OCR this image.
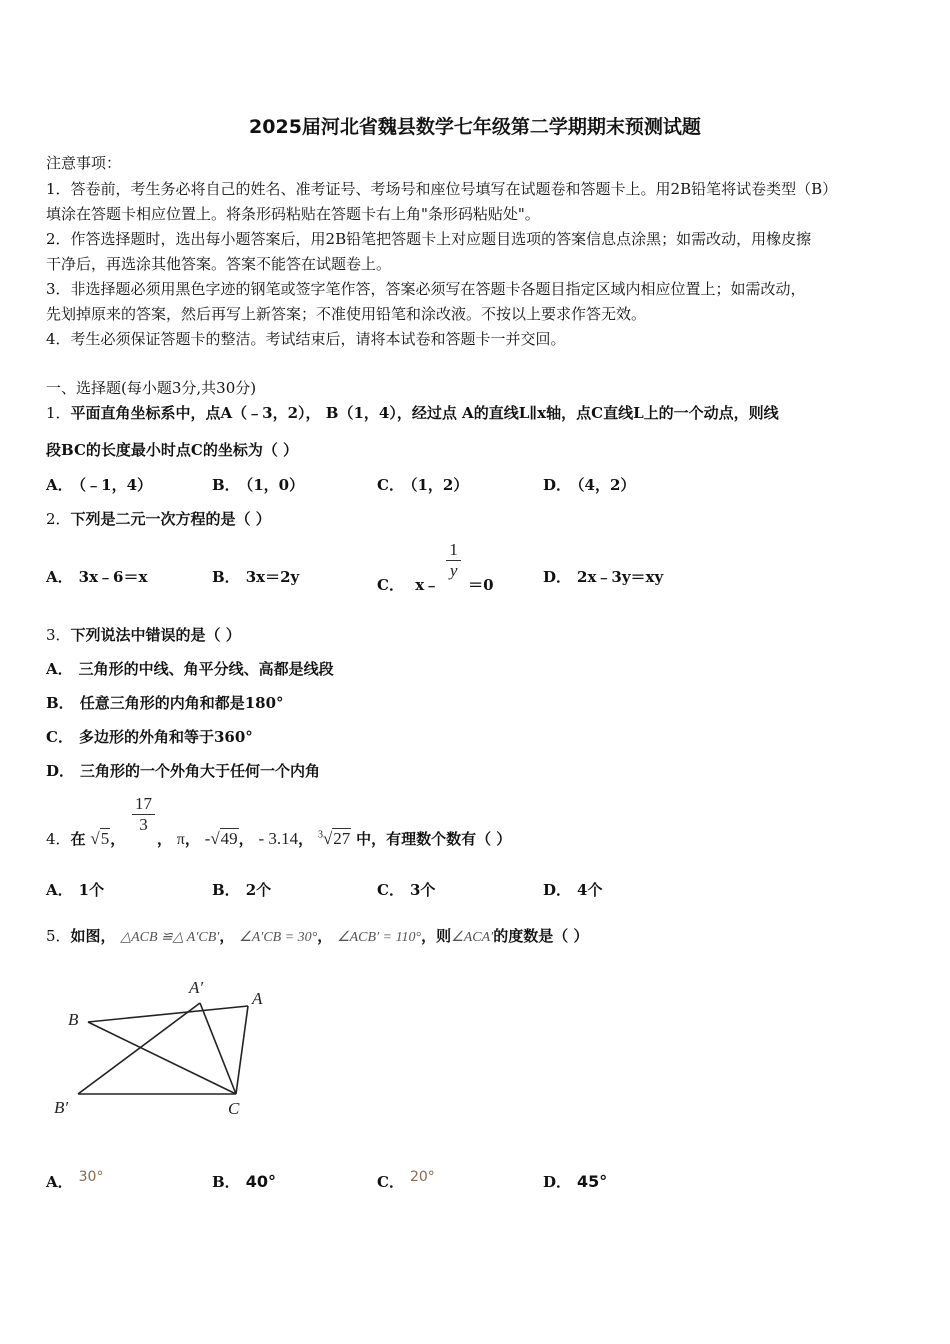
2025届河北省魏县数学七年级第二学期期末预测试题
注意事项：
1．答卷前，考生务必将自己的姓名、准考证号、考场号和座位号填写在试题卷和答题卡上。用2B铅笔将试卷类型（B）
填涂在答题卡相应位置上。将条形码粘贴在答题卡右上角"条形码粘贴处"。
2．作答选择题时，选出每小题答案后，用2B铅笔把答题卡上对应题目选项的答案信息点涂黑；如需改动，用橡皮擦
干净后，再选涂其他答案。答案不能答在试题卷上。
3．非选择题必须用黑色字迹的钢笔或签字笔作答，答案必须写在答题卡各题目指定区域内相应位置上；如需改动，
先划掉原来的答案，然后再写上新答案；不准使用铅笔和涂改液。不按以上要求作答无效。
4．考生必须保证答题卡的整洁。考试结束后，请将本试卷和答题卡一并交回。
一、选择题(每小题3分,共30分)
1．平面直角坐标系中，点A（﹣3，2）， B（1，4），经过点 A的直线L∥x轴，点C直线L上的一个动点，则线
段BC的长度最小时点C的坐标为（ ）
A． （﹣1，4）	B． （1，0）	C． （1，2）	D． （4，2）
2．下列是二元一次方程的是（ ）
A． 3x﹣6＝x	B． 3x＝2y	C． x﹣
$\frac{1}{y}$
＝0	D． 2x﹣3y＝xy
3．下列说法中错误的是（ ）
A． 三角形的中线、角平分线、高都是线段
B． 任意三角形的内角和都是180°
C． 多边形的外角和等于360°
D． 三角形的一个外角大于任何一个内角
4．在 √5，
$\frac{17}{3}$
， π， -√49， - 3.14， $^3$√27 中，有理数个数有（ ）
A． 1个	B． 2个	C． 3个	D． 4个
5．如图， △ACB ≌△ A′CB′， ∠A′CB = 30°， ∠ACB′ = 110°，则∠ACA′的度数是（ ）
B
A′
A
B′	C
A． 30°	B． 40°	C． 20°	D． 45°
